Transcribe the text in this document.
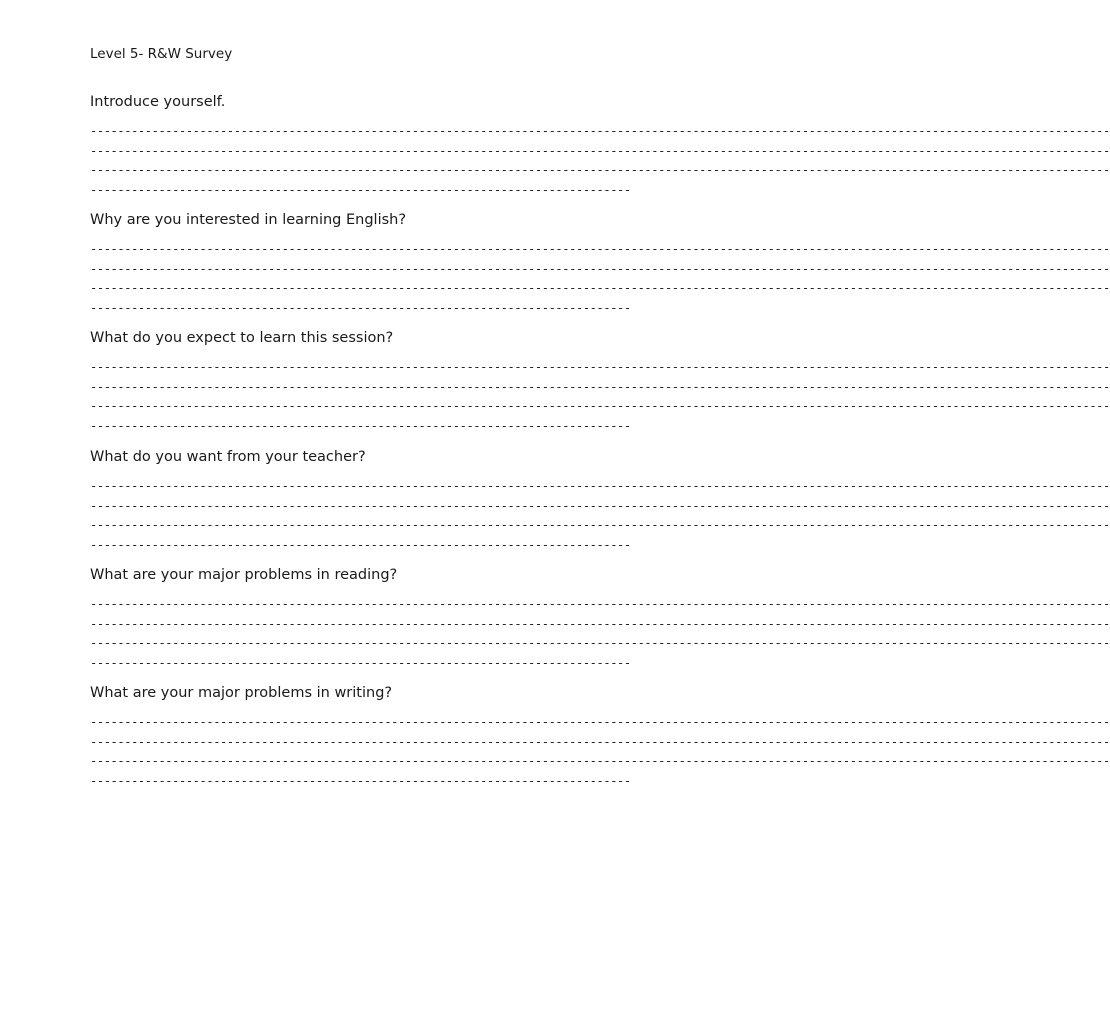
Level 5- R&W Survey
Introduce yourself.
-----------------------------------------------------------------------------------------------------------------------------------------------------
-----------------------------------------------------------------------------------------------------------------------------------------------------
-----------------------------------------------------------------------------------------------------------------------------------------------------
-------------------------------------------------------------------------------
Why are you interested in learning English?
-----------------------------------------------------------------------------------------------------------------------------------------------------
-----------------------------------------------------------------------------------------------------------------------------------------------------
-----------------------------------------------------------------------------------------------------------------------------------------------------
-------------------------------------------------------------------------------
What do you expect to learn this session?
-----------------------------------------------------------------------------------------------------------------------------------------------------
-----------------------------------------------------------------------------------------------------------------------------------------------------
-----------------------------------------------------------------------------------------------------------------------------------------------------
-------------------------------------------------------------------------------
What do you want from your teacher?
-----------------------------------------------------------------------------------------------------------------------------------------------------
-----------------------------------------------------------------------------------------------------------------------------------------------------
-----------------------------------------------------------------------------------------------------------------------------------------------------
-------------------------------------------------------------------------------
What are your major problems in reading?
-----------------------------------------------------------------------------------------------------------------------------------------------------
-----------------------------------------------------------------------------------------------------------------------------------------------------
-----------------------------------------------------------------------------------------------------------------------------------------------------
-------------------------------------------------------------------------------
What are your major problems in writing?
-----------------------------------------------------------------------------------------------------------------------------------------------------
-----------------------------------------------------------------------------------------------------------------------------------------------------
-----------------------------------------------------------------------------------------------------------------------------------------------------
-------------------------------------------------------------------------------
